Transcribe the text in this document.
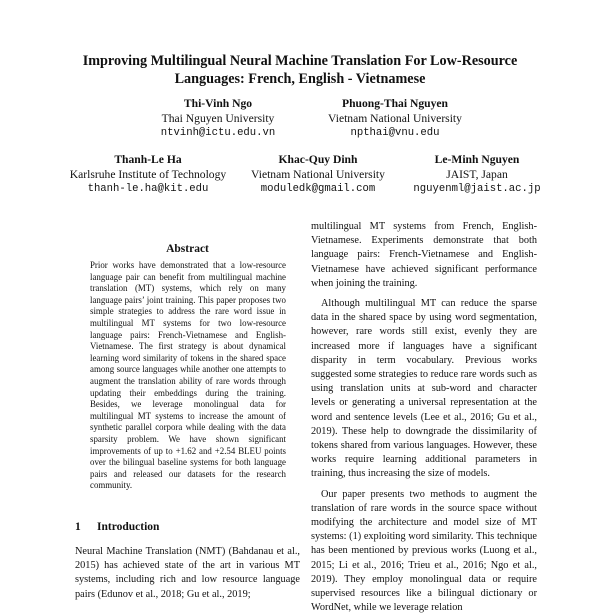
Improving Multilingual Neural Machine Translation For Low-Resource
Languages: French, English - Vietnamese
Thi-Vinh Ngo
Thai Nguyen University
ntvinh@ictu.edu.vn
Phuong-Thai Nguyen
Vietnam National University
npthai@vnu.edu
Thanh-Le Ha
Karlsruhe Institute of Technology
thanh-le.ha@kit.edu
Khac-Quy Dinh
Vietnam National University
moduledk@gmail.com
Le-Minh Nguyen
JAIST, Japan
nguyenml@jaist.ac.jp
Abstract
Prior works have demonstrated that a low-resource language pair can benefit from multilingual machine translation (MT) systems, which rely on many language pairs’ joint training. This paper proposes two simple strategies to address the rare word issue in multilingual MT systems for two low-resource language pairs: French-Vietnamese and English-Vietnamese. The first strategy is about dynamical learning word similarity of tokens in the shared space among source languages while another one attempts to augment the translation ability of rare words through updating their embeddings during the training. Besides, we leverage monolingual data for multilingual MT systems to increase the amount of synthetic parallel corpora while dealing with the data sparsity problem. We have shown significant improvements of up to +1.62 and +2.54 BLEU points over the bilingual baseline systems for both language pairs and released our datasets for the research community.
1 Introduction

Neural Machine Translation (NMT) (Bahdanau et al., 2015) has achieved state of the art in various MT systems, including rich and low resource language pairs (Edunov et al., 2018; Gu et al., 2019;

multilingual MT systems from French, English-Vietnamese. Experiments demonstrate that both language pairs: French-Vietnamese and English-Vietnamese have achieved significant performance when joining the training.

Although multilingual MT can reduce the sparse data in the shared space by using word segmentation, however, rare words still exist, evenly they are increased more if languages have a significant disparity in term vocabulary. Previous works suggested some strategies to reduce rare words such as using translation units at sub-word and character levels or generating a universal representation at the word and sentence levels (Lee et al., 2016; Gu et al., 2019). These help to downgrade the dissimilarity of tokens shared from various languages. However, these works require learning additional parameters in training, thus increasing the size of models.

Our paper presents two methods to augment the translation of rare words in the source space without modifying the architecture and model size of MT systems: (1) exploiting word similarity. This technique has been mentioned by previous works (Luong et al., 2015; Li et al., 2016; Trieu et al., 2016; Ngo et al., 2019). They employ monolingual data or require supervised resources like a bilingual dictionary or WordNet, while we leverage relation
